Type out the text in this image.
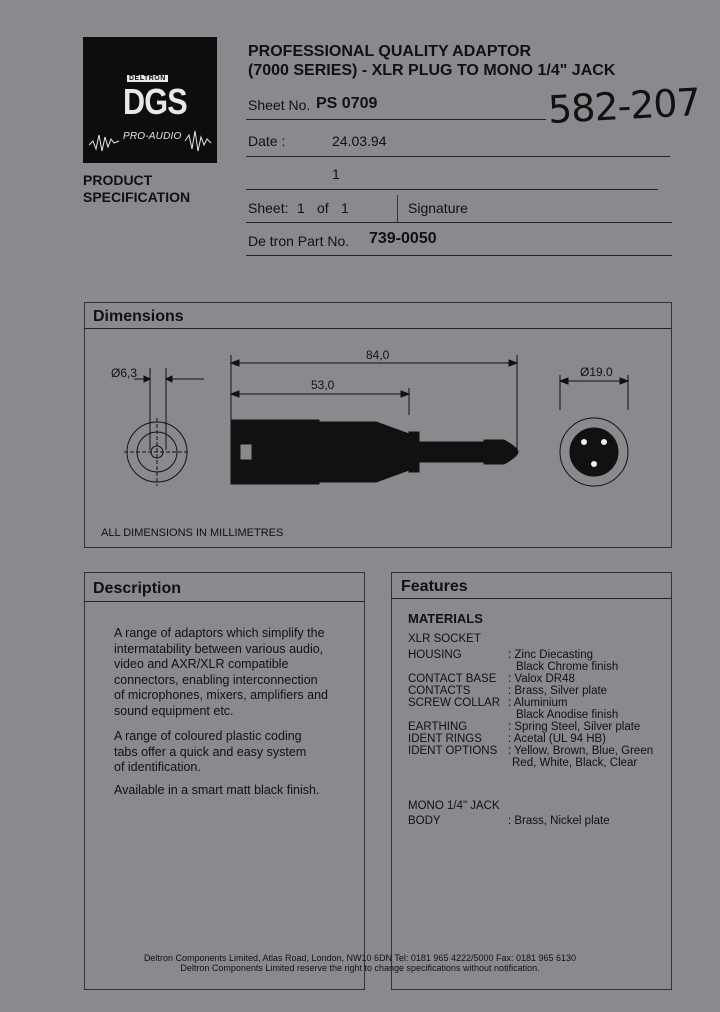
DELTRON
DGS
PRO-AUDIO
PRODUCT
SPECIFICATION
PROFESSIONAL QUALITY ADAPTOR
(7000 SERIES) - XLR PLUG TO MONO 1/4" JACK
582-207
Sheet No. PS 0709
Date :	24.03.94
1
Sheet: 1 of 1	Signature
De tron Part No. 739-0050
Dimensions
Ø6,3
84,0
53,0
Ø19.0
ALL DIMENSIONS IN MILLIMETRES
Description
A range of adaptors which simplify the
intermatability between various audio,
video and AXR/XLR compatible
connectors, enabling interconnection
of microphones, mixers, amplifiers and
sound equipment etc.
A range of coloured plastic coding
tabs offer a quick and easy system
of identification.
Available in a smart matt black finish.
Features
MATERIALS
XLR SOCKET
HOUSING	: Zinc Diecasting
Black Chrome finish
CONTACT BASE	: Valox DR48
CONTACTS	: Brass, Silver plate
SCREW COLLAR : Aluminium
Black Anodise finish
EARTHING	: Spring Steel, Silver plate
IDENT RINGS	: Acetal (UL 94 HB)
IDENT OPTIONS : Yellow, Brown, Blue, Green
Red, White, Black, Clear
MONO 1/4" JACK
BODY	: Brass, Nickel plate
Deltron Components Limited, Atlas Road, London, NW10 6DN Tel: 0181 965 4222/5000 Fax: 0181 965 6130
Deltron Components Limited reserve the right to change specifications without notification.
